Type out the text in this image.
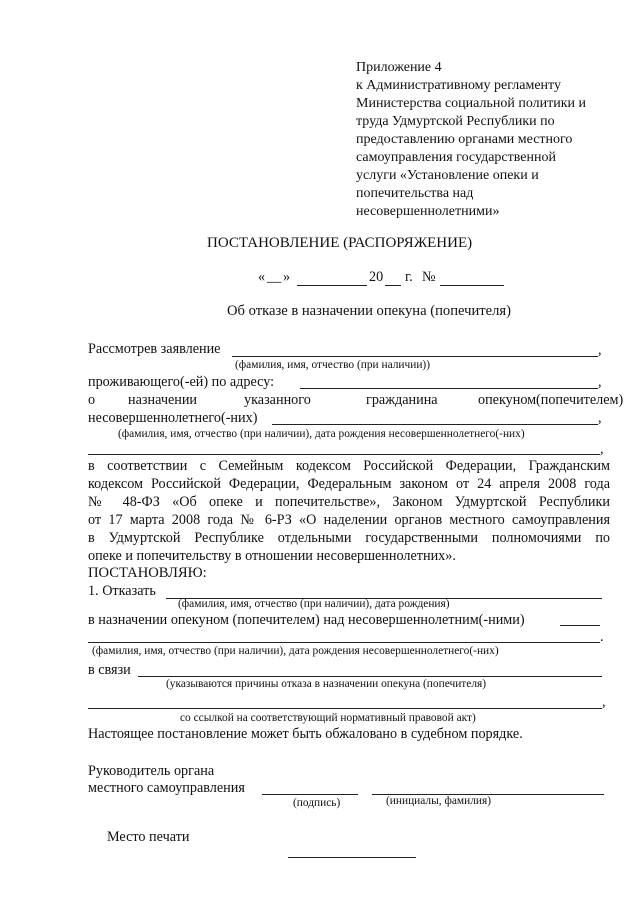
Приложение 4
к Административному регламенту
Министерства социальной политики и
труда Удмуртской Республики по
предоставлению органами местного
самоуправления государственной
услуги «Установление опеки и
попечительства над
несовершеннолетними»
ПОСТАНОВЛЕНИЕ (РАСПОРЯЖЕНИЕ)
« __ »	20 г. №
Об отказе в назначении опекуна (попечителя)
Рассмотрев заявление	,
(фамилия, имя, отчество (при наличии))
проживающего(-ей) по адресу:	,
о назначении	указанного	гражданина	опекуном (попечителем)
несовершеннолетнего(-них)	,
(фамилия, имя, отчество (при наличии), дата рождения несовершеннолетнего(-них)
,
в соответствии с Семейным кодексом Российской Федерации, Гражданским
кодексом Российской Федерации, Федеральным законом от 24 апреля 2008 года
№ 48-ФЗ «Об опеке и попечительстве», Законом Удмуртской Республики
от 17 марта 2008 года № 6-РЗ «О наделении органов местного самоуправления
в Удмуртской Республике отдельными государственными полномочиями по
опеке и попечительству в отношении несовершеннолетних».
ПОСТАНОВЛЯЮ:
1. Отказать
(фамилия, имя, отчество (при наличии), дата рождения)
в назначении опекуном (попечителем) над несовершеннолетним(-ними)
.
(фамилия, имя, отчество (при наличии), дата рождения несовершеннолетнего(-них)
в связи
(указываются причины отказа в назначении опекуна (попечителя)
,
со ссылкой на соответствующий нормативный правовой акт)
Настоящее постановление может быть обжаловано в судебном порядке.
Руководитель органа
местного самоуправления
(подпись)	(инициалы, фамилия)
Место печати
